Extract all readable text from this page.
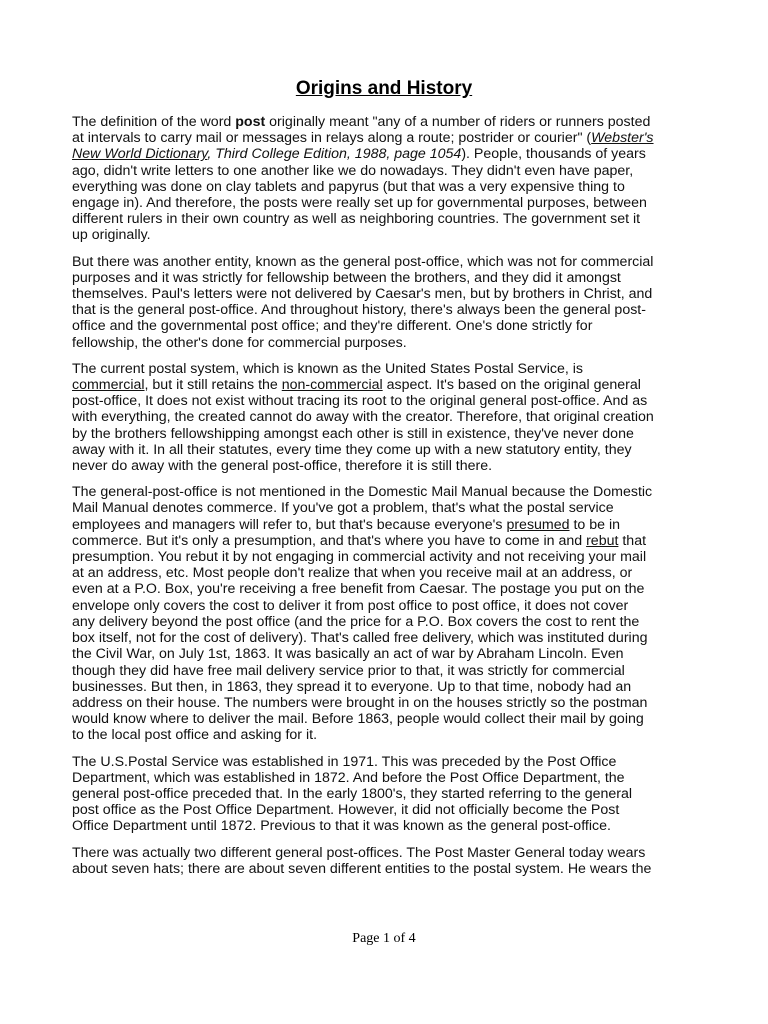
Origins and History

The definition of the word post originally meant "any of a number of riders or runners posted
at intervals to carry mail or messages in relays along a route; postrider or courier" (Webster's
New World Dictionary, Third College Edition, 1988, page 1054). People, thousands of years
ago, didn't write letters to one another like we do nowadays. They didn't even have paper,
everything was done on clay tablets and papyrus (but that was a very expensive thing to
engage in). And therefore, the posts were really set up for governmental purposes, between
different rulers in their own country as well as neighboring countries. The government set it
up originally.

But there was another entity, known as the general post-office, which was not for commercial
purposes and it was strictly for fellowship between the brothers, and they did it amongst
themselves. Paul's letters were not delivered by Caesar's men, but by brothers in Christ, and
that is the general post-office. And throughout history, there's always been the general post-
office and the governmental post office; and they're different. One's done strictly for
fellowship, the other's done for commercial purposes.

The current postal system, which is known as the United States Postal Service, is
commercial, but it still retains the non-commercial aspect. It's based on the original general
post-office, It does not exist without tracing its root to the original general post-office. And as
with everything, the created cannot do away with the creator. Therefore, that original creation
by the brothers fellowshipping amongst each other is still in existence, they've never done
away with it. In all their statutes, every time they come up with a new statutory entity, they
never do away with the general post-office, therefore it is still there.

The general-post-office is not mentioned in the Domestic Mail Manual because the Domestic
Mail Manual denotes commerce. If you've got a problem, that's what the postal service
employees and managers will refer to, but that's because everyone's presumed to be in
commerce. But it's only a presumption, and that's where you have to come in and rebut that
presumption. You rebut it by not engaging in commercial activity and not receiving your mail
at an address, etc. Most people don't realize that when you receive mail at an address, or
even at a P.O. Box, you're receiving a free benefit from Caesar. The postage you put on the
envelope only covers the cost to deliver it from post office to post office, it does not cover
any delivery beyond the post office (and the price for a P.O. Box covers the cost to rent the
box itself, not for the cost of delivery). That's called free delivery, which was instituted during
the Civil War, on July 1st, 1863. It was basically an act of war by Abraham Lincoln. Even
though they did have free mail delivery service prior to that, it was strictly for commercial
businesses. But then, in 1863, they spread it to everyone. Up to that time, nobody had an
address on their house. The numbers were brought in on the houses strictly so the postman
would know where to deliver the mail. Before 1863, people would collect their mail by going
to the local post office and asking for it.

The U.S.Postal Service was established in 1971. This was preceded by the Post Office
Department, which was established in 1872. And before the Post Office Department, the
general post-office preceded that. In the early 1800's, they started referring to the general
post office as the Post Office Department. However, it did not officially become the Post
Office Department until 1872. Previous to that it was known as the general post-office.

There was actually two different general post-offices. The Post Master General today wears
about seven hats; there are about seven different entities to the postal system. He wears the

Page 1 of 4
